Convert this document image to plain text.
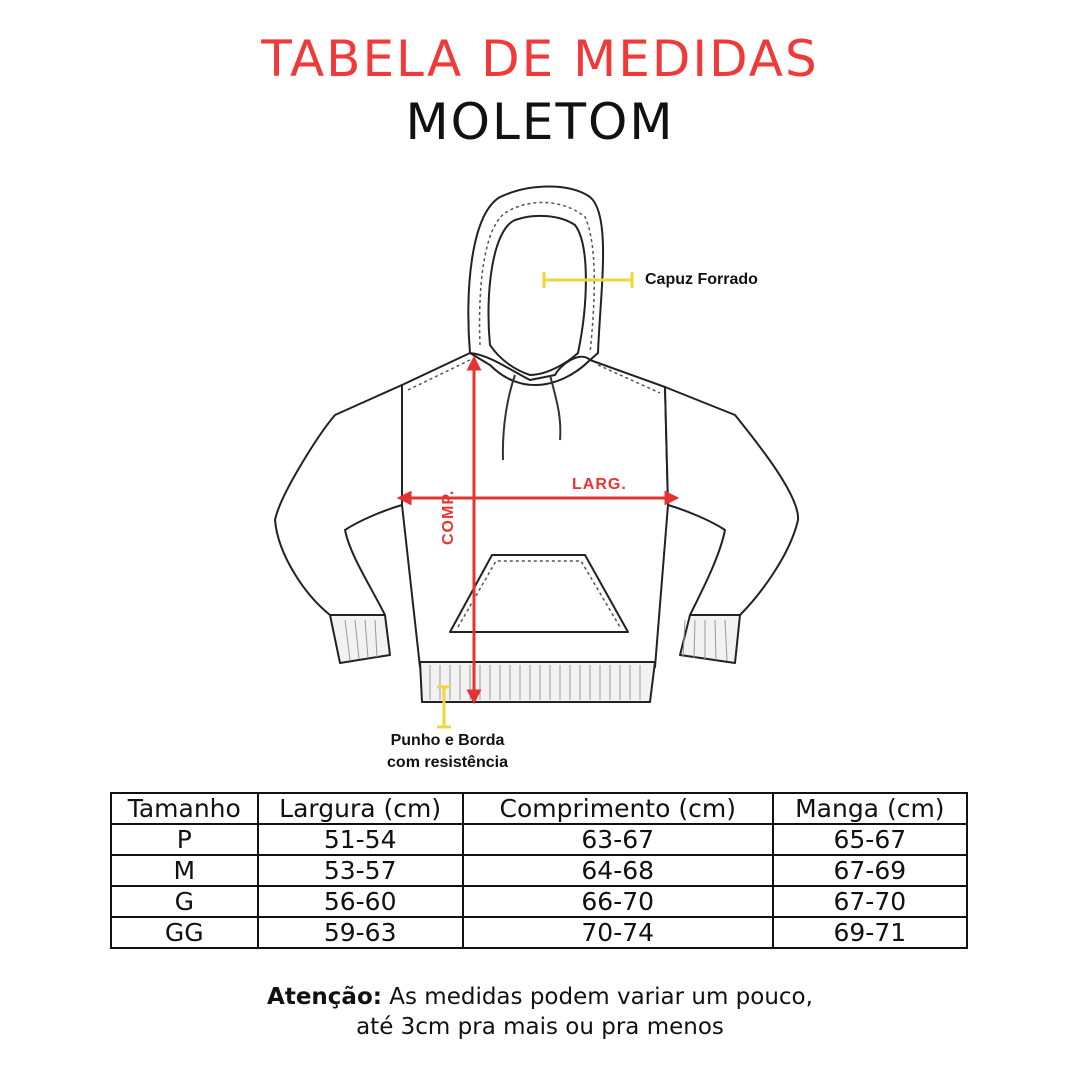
TABELA DE MEDIDAS
MOLETOM
Capuz Forrado
Punho e Borda
com resistência
LARG.
COMP.
Tamanho	Largura (cm)	Comprimento (cm)	Manga (cm)
P	51-54	63-67	65-67
M	53-57	64-68	67-69
G	56-60	66-70	67-70
GG	59-63	70-74	69-71
Atenção: As medidas podem variar um pouco,
até 3cm pra mais ou pra menos
